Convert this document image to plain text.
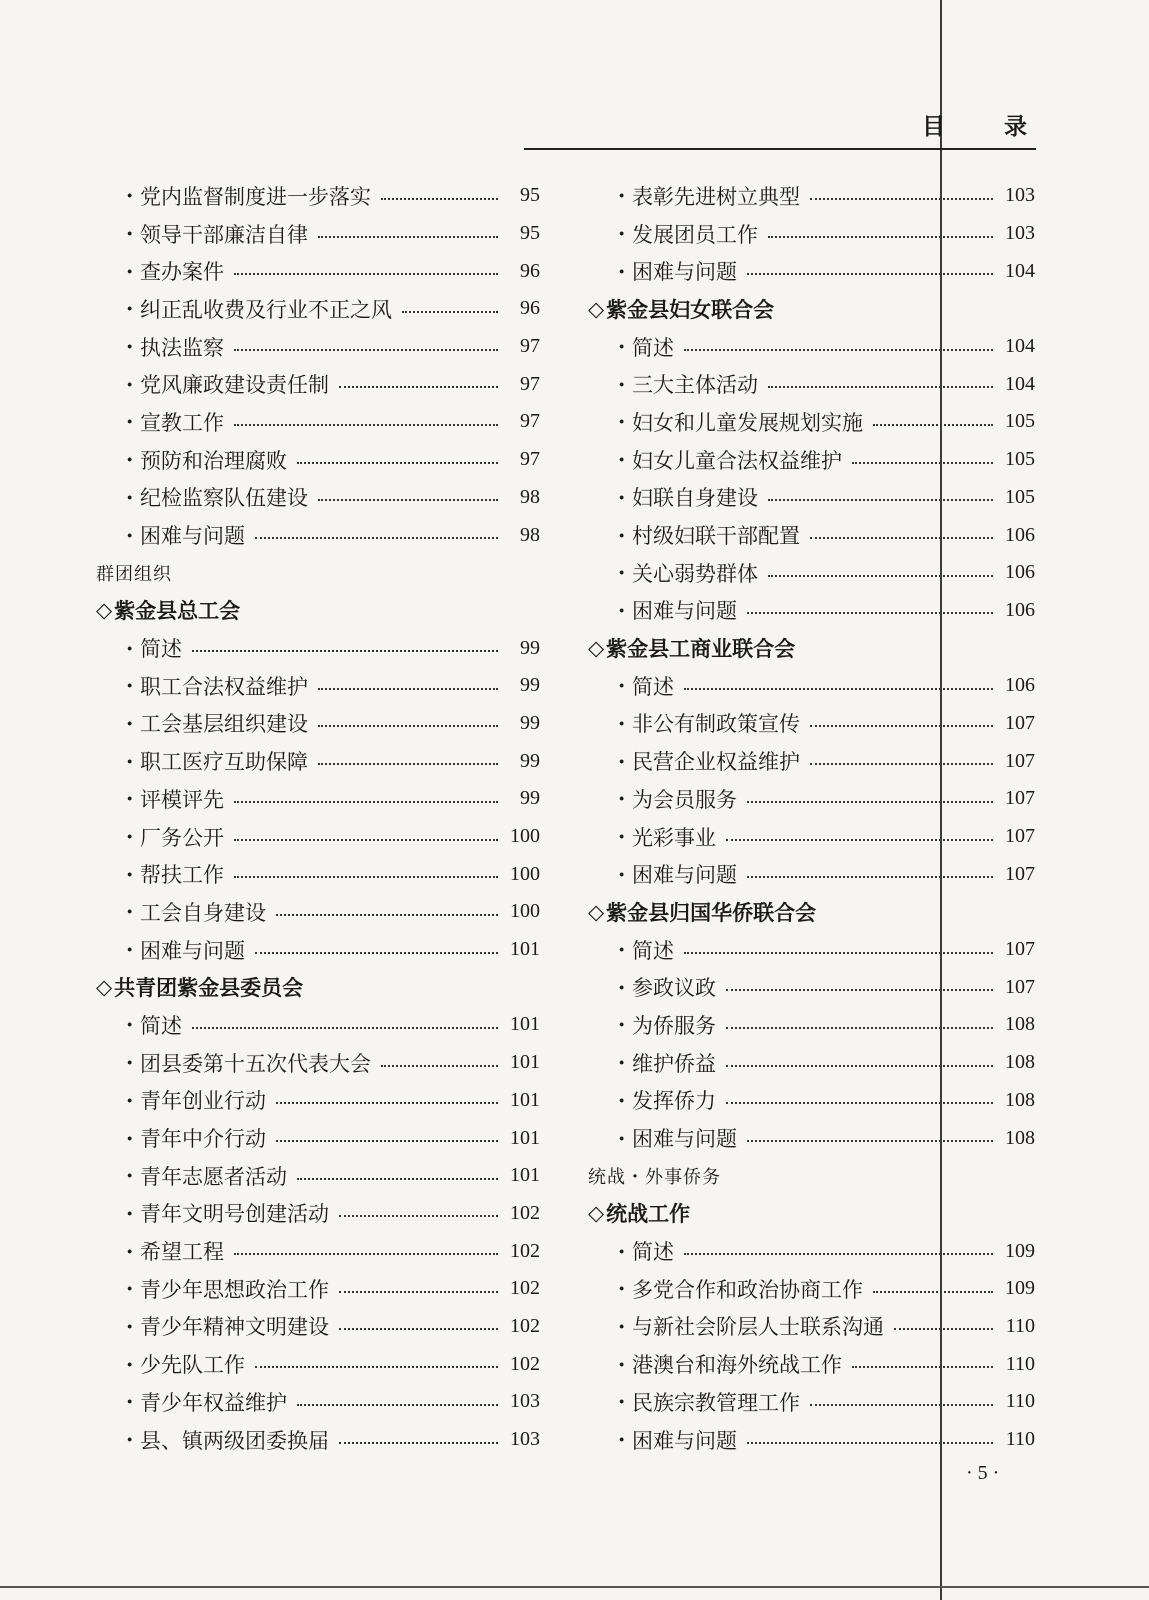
目	录
· 党内监督制度进一步落实	95
· 领导干部廉洁自律	95
· 查办案件	96
· 纠正乱收费及行业不正之风	96
· 执法监察	97
· 党风廉政建设责任制	97
· 宣教工作	97
· 预防和治理腐败	97
· 纪检监察队伍建设	98
· 困难与问题	98
群团组织
◇ 紫金县总工会
· 简述	99
· 职工合法权益维护	99
· 工会基层组织建设	99
· 职工医疗互助保障	99
· 评模评先	99
· 厂务公开	100
· 帮扶工作	100
· 工会自身建设	100
· 困难与问题	101
◇ 共青团紫金县委员会
· 简述	101
· 团县委第十五次代表大会	101
· 青年创业行动	101
· 青年中介行动	101
· 青年志愿者活动	101
· 青年文明号创建活动	102
· 希望工程	102
· 青少年思想政治工作	102
· 青少年精神文明建设	102
· 少先队工作	102
· 青少年权益维护	103
· 县、镇两级团委换届	103
· 表彰先进树立典型	103
· 发展团员工作	103
· 困难与问题	104
◇ 紫金县妇女联合会
· 简述	104
· 三大主体活动	104
· 妇女和儿童发展规划实施	105
· 妇女儿童合法权益维护	105
· 妇联自身建设	105
· 村级妇联干部配置	106
· 关心弱势群体	106
· 困难与问题	106
◇ 紫金县工商业联合会
· 简述	106
· 非公有制政策宣传	107
· 民营企业权益维护	107
· 为会员服务	107
· 光彩事业	107
· 困难与问题	107
◇ 紫金县归国华侨联合会
· 简述	107
· 参政议政	107
· 为侨服务	108
· 维护侨益	108
· 发挥侨力	108
· 困难与问题	108
统战・外事侨务
◇ 统战工作
· 简述	109
· 多党合作和政治协商工作	109
· 与新社会阶层人士联系沟通	110
· 港澳台和海外统战工作	110
· 民族宗教管理工作	110
· 困难与问题	110
· 5 ·
